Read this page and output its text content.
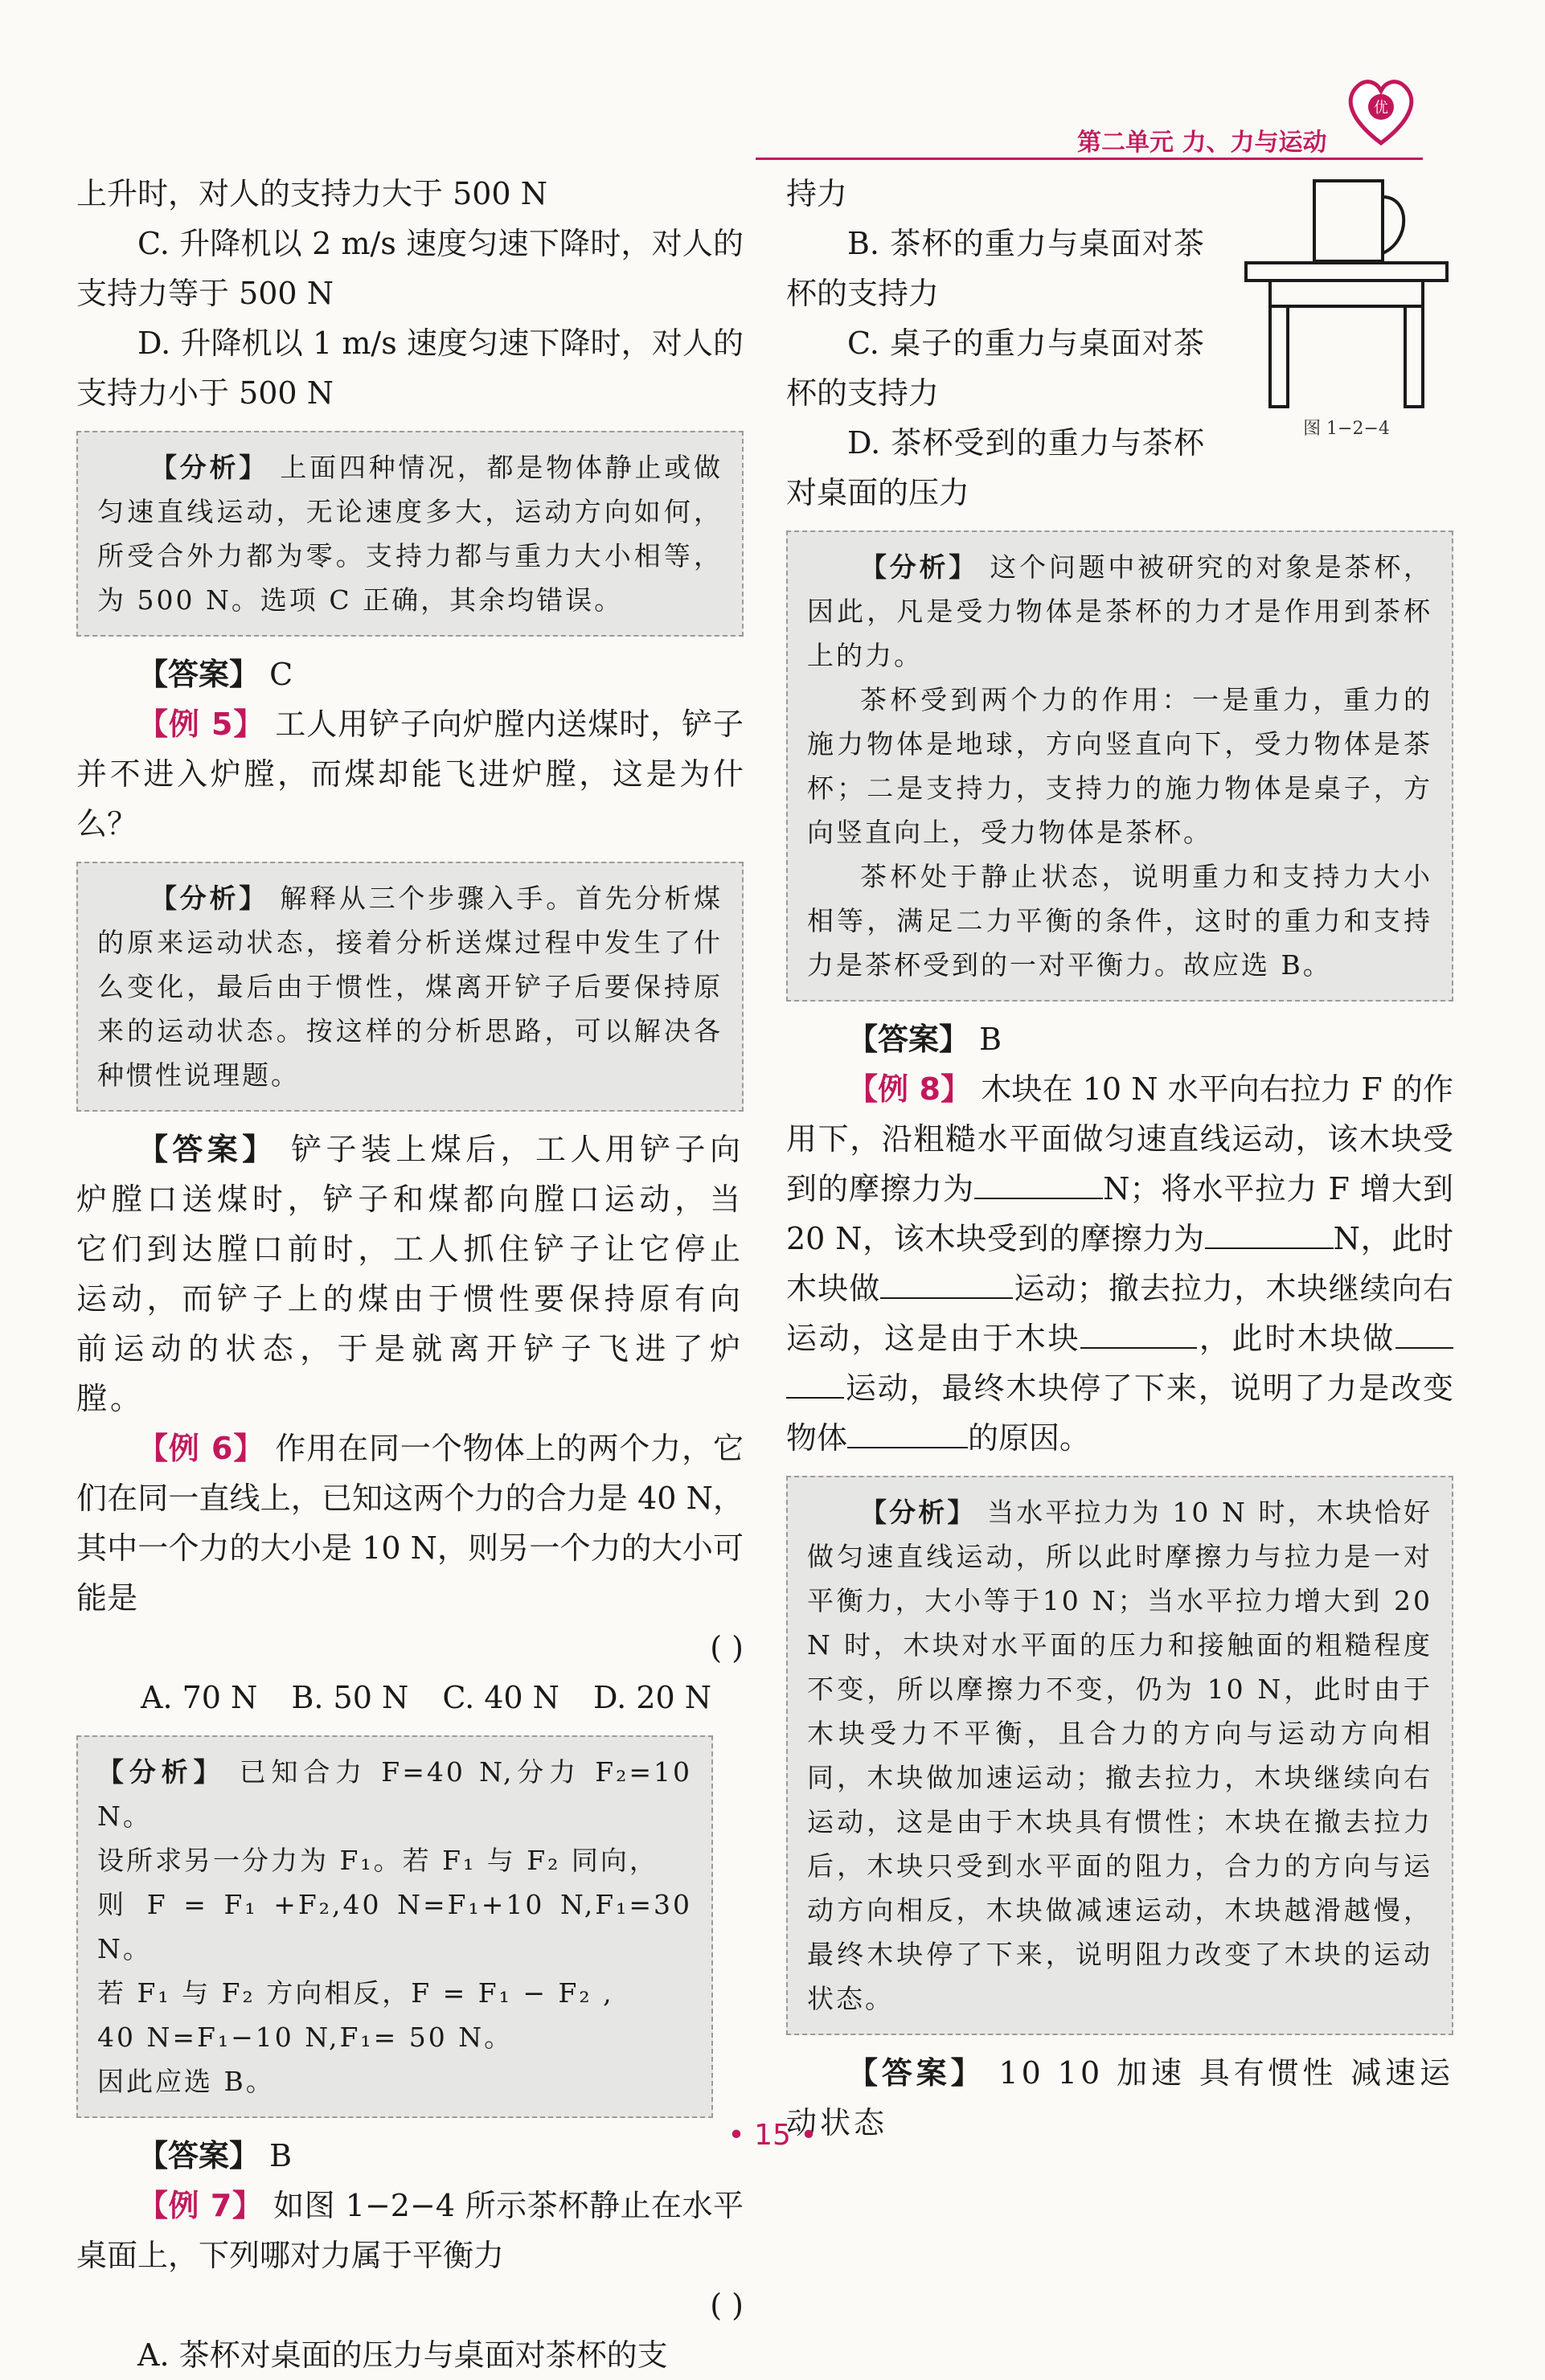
第二单元 力、力与运动
优

上升时，对人的支持力大于 500 N

C. 升降机以 2 m/s 速度匀速下降时，对人的支持力等于 500 N

D. 升降机以 1 m/s 速度匀速下降时，对人的支持力小于 500 N

【分析】 上面四种情况，都是物体静止或做匀速直线运动，无论速度多大，运动方向如何，所受合外力都为零。支持力都与重力大小相等，为 500 N。选项 C 正确，其余均错误。

【答案】 C

【例 5】 工人用铲子向炉膛内送煤时，铲子并不进入炉膛，而煤却能飞进炉膛，这是为什么？

【分析】 解释从三个步骤入手。首先分析煤的原来运动状态，接着分析送煤过程中发生了什么变化，最后由于惯性，煤离开铲子后要保持原来的运动状态。按这样的分析思路，可以解决各种惯性说理题。

【答案】 铲子装上煤后，工人用铲子向炉膛口送煤时，铲子和煤都向膛口运动，当它们到达膛口前时，工人抓住铲子让它停止运动，而铲子上的煤由于惯性要保持原有向前运动的状态，于是就离开铲子飞进了炉膛。

【例 6】 作用在同一个物体上的两个力，它们在同一直线上，已知这两个力的合力是 40 N，其中一个力的大小是 10 N，则另一个力的大小可能是

( )

A. 70 N B. 50 N C. 40 N D. 20 N

【分析】 已知合力 F=40 N,分力 F₂=10 N。

设所求另一分力为 F₁。若 F₁ 与 F₂ 同向，

则 F = F₁ +F₂,40 N=F₁+10 N,F₁=30 N。

若 F₁ 与 F₂ 方向相反，F = F₁ − F₂ ,

40 N=F₁−10 N,F₁= 50 N。

因此应选 B。

【答案】 B

【例 7】 如图 1−2−4 所示茶杯静止在水平桌面上，下列哪对力属于平衡力

( )

A. 茶杯对桌面的压力与桌面对茶杯的支

图 1−2−4

持力

B. 茶杯的重力与桌面对茶杯的支持力

C. 桌子的重力与桌面对茶杯的支持力

D. 茶杯受到的重力与茶杯对桌面的压力

【分析】 这个问题中被研究的对象是茶杯，因此，凡是受力物体是茶杯的力才是作用到茶杯上的力。

茶杯受到两个力的作用：一是重力，重力的施力物体是地球，方向竖直向下，受力物体是茶杯；二是支持力，支持力的施力物体是桌子，方向竖直向上，受力物体是茶杯。

茶杯处于静止状态，说明重力和支持力大小相等，满足二力平衡的条件，这时的重力和支持力是茶杯受到的一对平衡力。故应选 B。

【答案】 B

【例 8】 木块在 10 N 水平向右拉力 F 的作用下，沿粗糙水平面做匀速直线运动，该木块受到的摩擦力为	N；将水平拉力 F 增大到 20 N，该木块受到的摩擦力为	N，此时木块做	运动；撤去拉力，木块继续向右运动，这是由于木块	，此时木块做运动，最终木块停了下来，说明了力是改变物体	的原因。

【分析】 当水平拉力为 10 N 时，木块恰好做匀速直线运动，所以此时摩擦力与拉力是一对平衡力，大小等于10 N；当水平拉力增大到 20 N 时，木块对水平面的压力和接触面的粗糙程度不变，所以摩擦力不变，仍为 10 N，此时由于木块受力不平衡，且合力的方向与运动方向相同，木块做加速运动；撤去拉力，木块继续向右运动，这是由于木块具有惯性；木块在撤去拉力后，木块只受到水平面的阻力，合力的方向与运动方向相反，木块做减速运动，木块越滑越慢，最终木块停了下来，说明阻力改变了木块的运动状态。

【答案】 10 10 加速 具有惯性 减速运动状态

• 15 •
